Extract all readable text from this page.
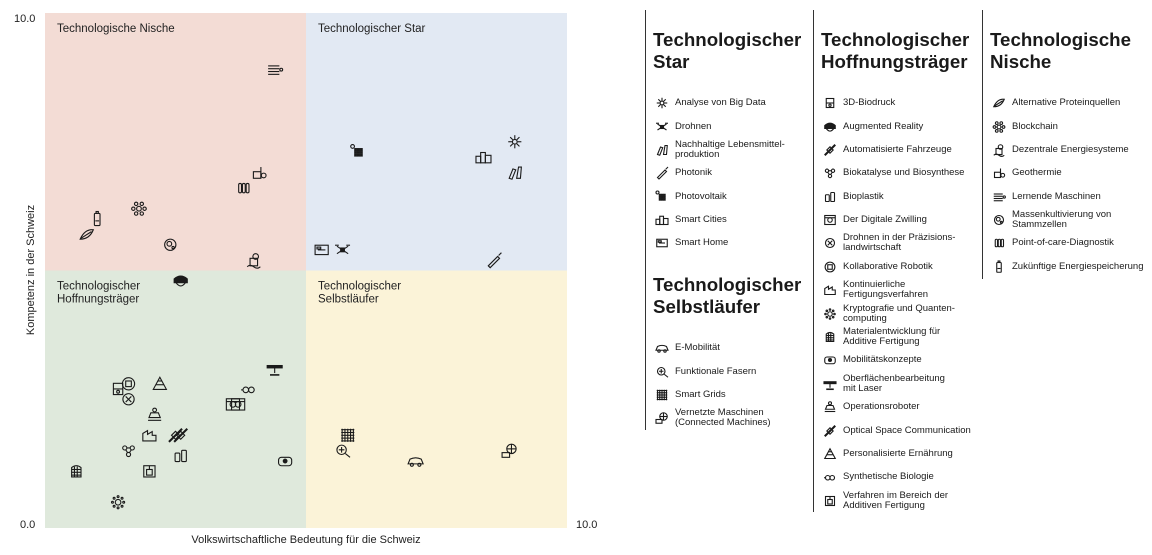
Technologische Nische	Technologischer Star
Technologischer
Hoffnungsträger
Technologischer
Selbstläufer
10.0
0.0	10.0
Volkswirtschaftliche Bedeutung für die Schweiz
Kompetenz in der Schweiz
Technologischer
Star
Analyse von Big Data
Drohnen
Nachhaltige Lebensmittel-
produktion
Photonik
Photovoltaik
Smart Cities
Smart Home
Technologischer
Selbstläufer
E-Mobilität
Funktionale Fasern
Smart Grids
Vernetzte Maschinen
(Connected Machines)
Technologischer
Hoffnungsträger
3D-Biodruck
Augmented Reality
Automatisierte Fahrzeuge
Biokatalyse und Biosynthese
Bioplastik
Der Digitale Zwilling
Drohnen in der Präzisions-
landwirtschaft
Kollaborative Robotik
Kontinuierliche
Fertigungsverfahren
Kryptografie und Quanten-
computing
Materialentwicklung für
Additive Fertigung
Mobilitätskonzepte
Oberflächenbearbeitung
mit Laser
Operationsroboter
Optical Space Communication
Personalisierte Ernährung
Synthetische Biologie
Verfahren im Bereich der
Additiven Fertigung
Technologische
Nische
Alternative Proteinquellen
Blockchain
Dezentrale Energiesysteme
Geothermie
Lernende Maschinen
Massenkultivierung von
Stammzellen
Point-of-care-Diagnostik
Zukünftige Energiespeicherung
